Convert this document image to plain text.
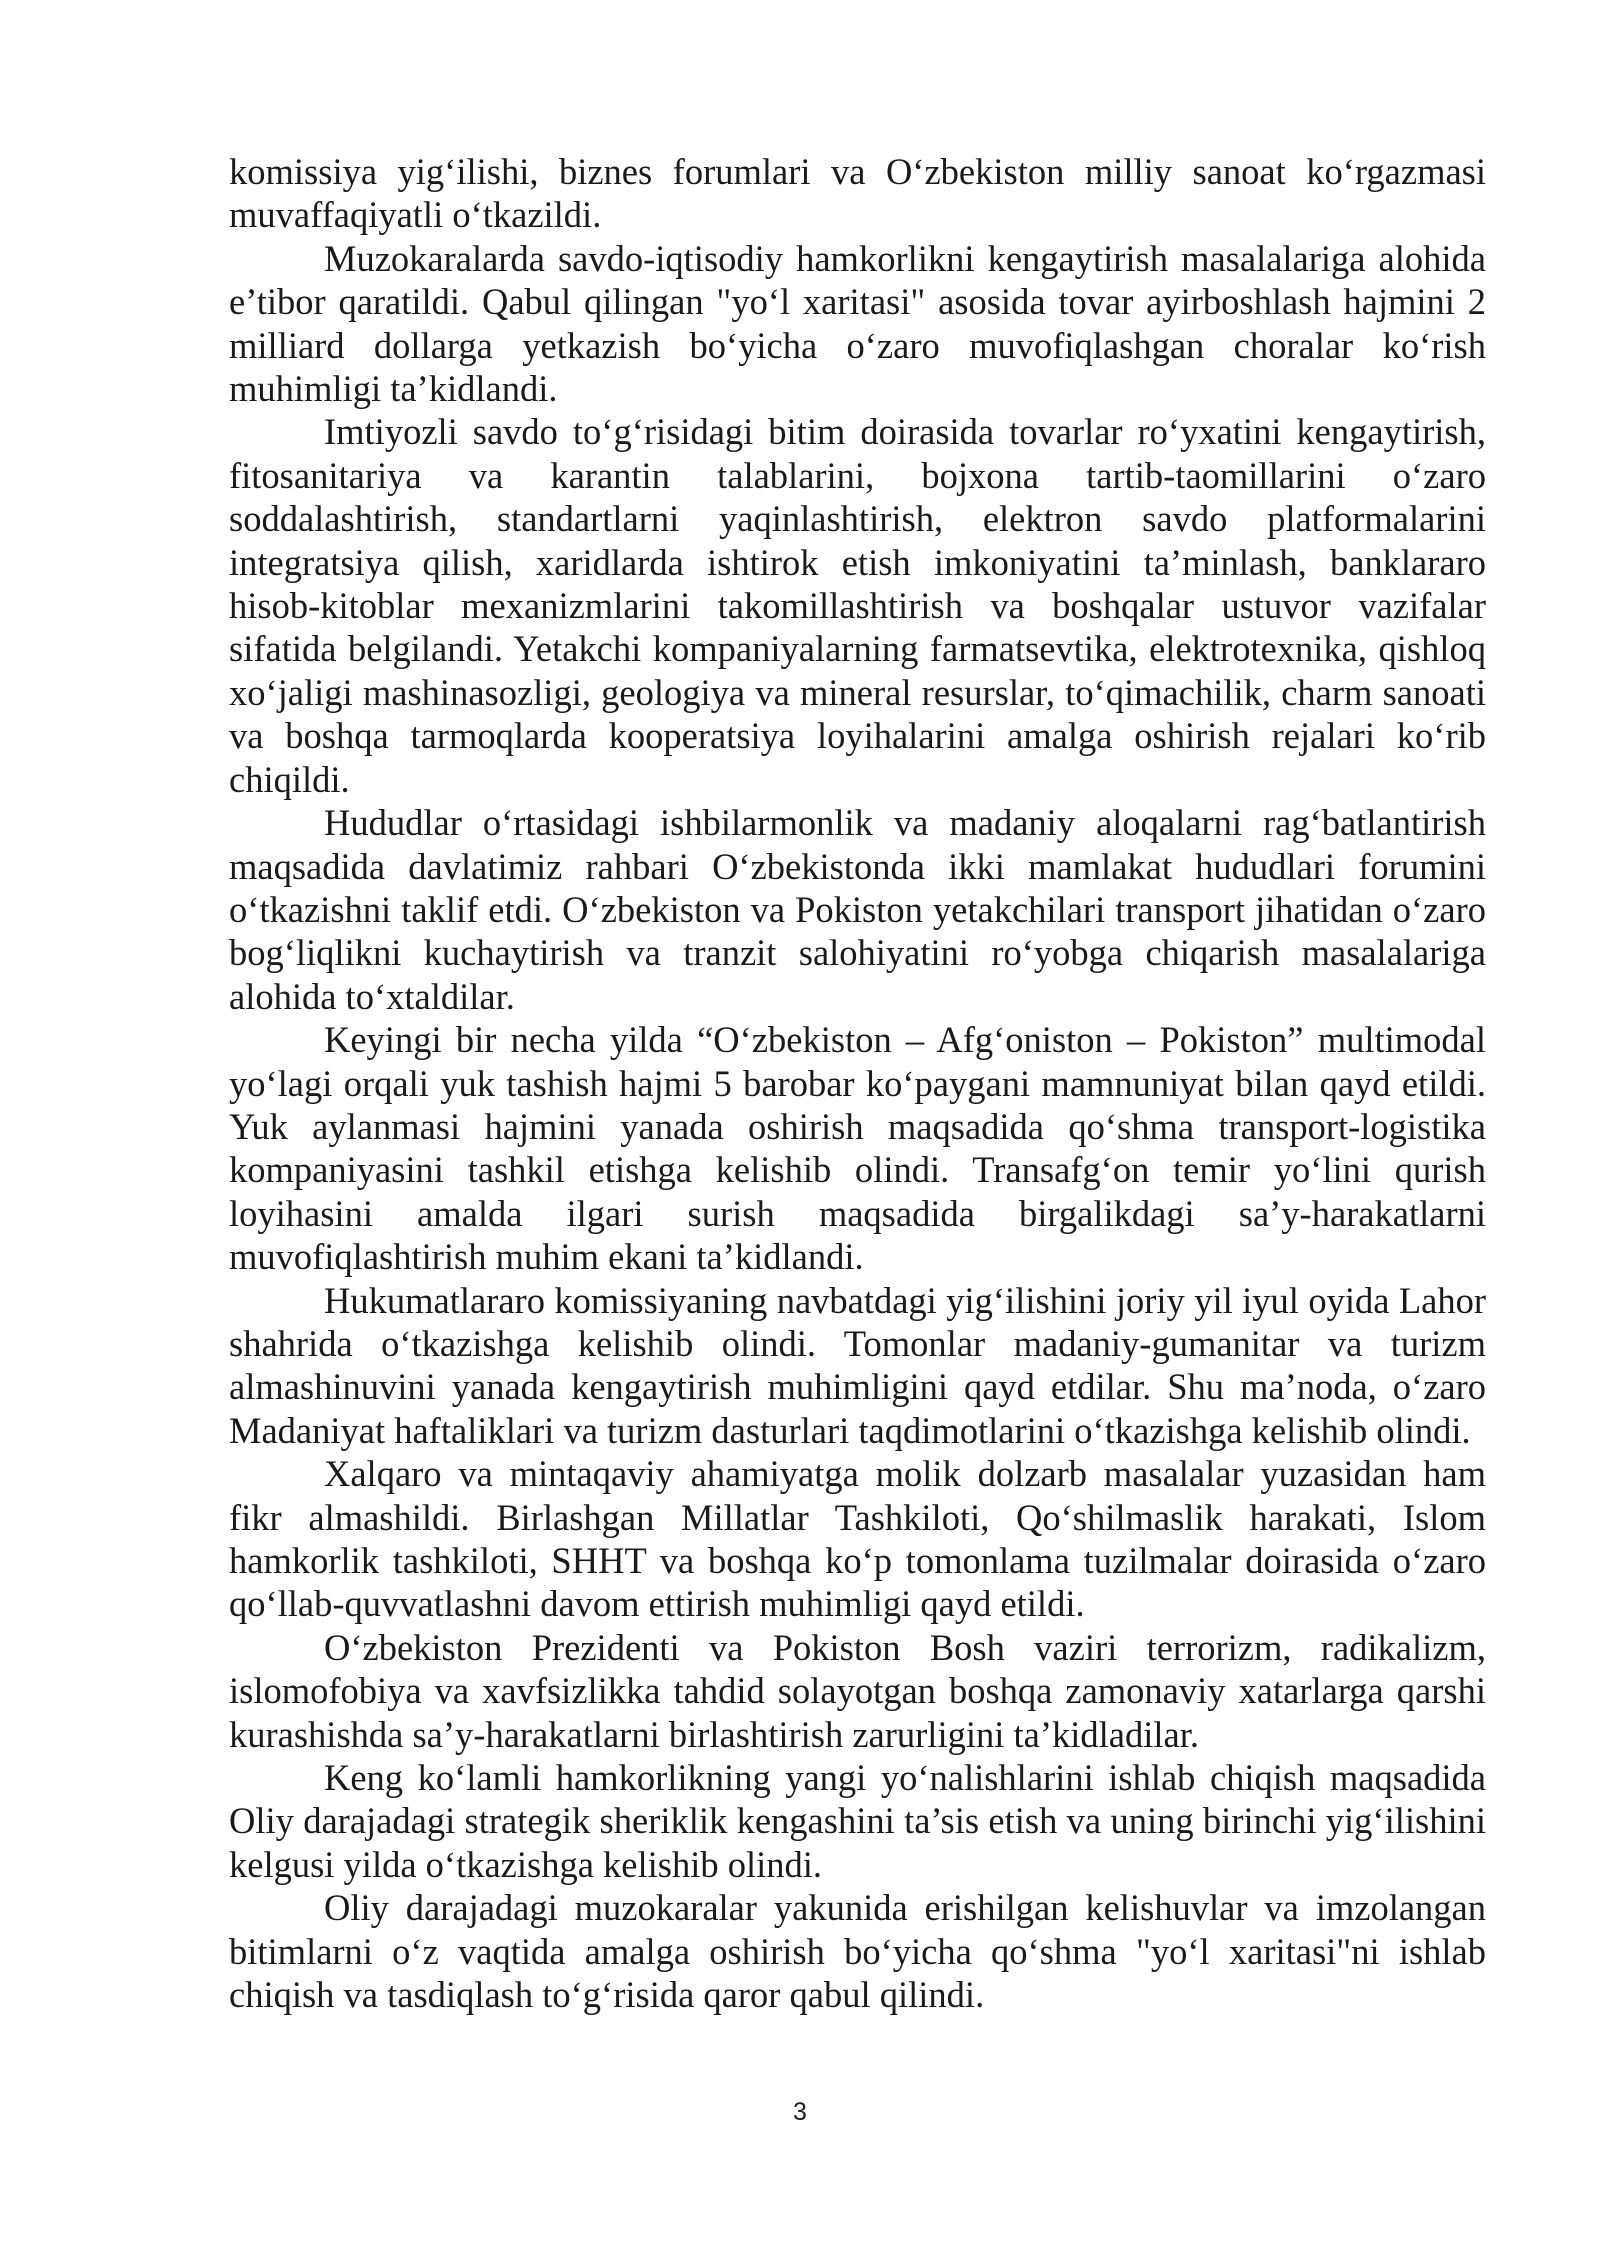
komissiya yig‘ilishi, biznes forumlari va O‘zbekiston milliy sanoat ko‘rgazmasi muvaffaqiyatli o‘tkazildi.

Muzokaralarda savdo-iqtisodiy hamkorlikni kengaytirish masalalariga alohida e’tibor qaratildi. Qabul qilingan "yo‘l xaritasi" asosida tovar ayirboshlash hajmini 2 milliard dollarga yetkazish bo‘yicha o‘zaro muvofiqlashgan choralar ko‘rish muhimligi ta’kidlandi.

Imtiyozli savdo to‘g‘risidagi bitim doirasida tovarlar ro‘yxatini kengaytirish, fitosanitariya va karantin talablarini, bojxona tartib-taomillarini o‘zaro soddalashtirish, standartlarni yaqinlashtirish, elektron savdo platformalarini integratsiya qilish, xaridlarda ishtirok etish imkoniyatini ta’minlash, banklararo hisob-kitoblar mexanizmlarini takomillashtirish va boshqalar ustuvor vazifalar sifatida belgilandi. Yetakchi kompaniyalarning farmatsevtika, elektrotexnika, qishloq xo‘jaligi mashinasozligi, geologiya va mineral resurslar, to‘qimachilik, charm sanoati va boshqa tarmoqlarda kooperatsiya loyihalarini amalga oshirish rejalari ko‘rib chiqildi.

Hududlar o‘rtasidagi ishbilarmonlik va madaniy aloqalarni rag‘batlantirish maqsadida davlatimiz rahbari O‘zbekistonda ikki mamlakat hududlari forumini o‘tkazishni taklif etdi. O‘zbekiston va Pokiston yetakchilari transport jihatidan o‘zaro bog‘liqlikni kuchaytirish va tranzit salohiyatini ro‘yobga chiqarish masalalariga alohida to‘xtaldilar.

Keyingi bir necha yilda “O‘zbekiston – Afg‘oniston – Pokiston” multimodal yo‘lagi orqali yuk tashish hajmi 5 barobar ko‘paygani mamnuniyat bilan qayd etildi. Yuk aylanmasi hajmini yanada oshirish maqsadida qo‘shma transport-logistika kompaniyasini tashkil etishga kelishib olindi. Transafg‘on temir yo‘lini qurish loyihasini amalda ilgari surish maqsadida birgalikdagi sa’y-harakatlarni muvofiqlashtirish muhim ekani ta’kidlandi.

Hukumatlararo komissiyaning navbatdagi yig‘ilishini joriy yil iyul oyida Lahor shahrida o‘tkazishga kelishib olindi. Tomonlar madaniy-gumanitar va turizm almashinuvini yanada kengaytirish muhimligini qayd etdilar. Shu ma’noda, o‘zaro Madaniyat haftaliklari va turizm dasturlari taqdimotlarini o‘tkazishga kelishib olindi.

Xalqaro va mintaqaviy ahamiyatga molik dolzarb masalalar yuzasidan ham fikr almashildi. Birlashgan Millatlar Tashkiloti, Qo‘shilmaslik harakati, Islom hamkorlik tashkiloti, SHHT va boshqa ko‘p tomonlama tuzilmalar doirasida o‘zaro qo‘llab-quvvatlashni davom ettirish muhimligi qayd etildi.

O‘zbekiston Prezidenti va Pokiston Bosh vaziri terrorizm, radikalizm, islomofobiya va xavfsizlikka tahdid solayotgan boshqa zamonaviy xatarlarga qarshi kurashishda sa’y-harakatlarni birlashtirish zarurligini ta’kidladilar.

Keng ko‘lamli hamkorlikning yangi yo‘nalishlarini ishlab chiqish maqsadida Oliy darajadagi strategik sheriklik kengashini ta’sis etish va uning birinchi yig‘ilishini kelgusi yilda o‘tkazishga kelishib olindi.

Oliy darajadagi muzokaralar yakunida erishilgan kelishuvlar va imzolangan bitimlarni o‘z vaqtida amalga oshirish bo‘yicha qo‘shma "yo‘l xaritasi"ni ishlab chiqish va tasdiqlash to‘g‘risida qaror qabul qilindi.

3
